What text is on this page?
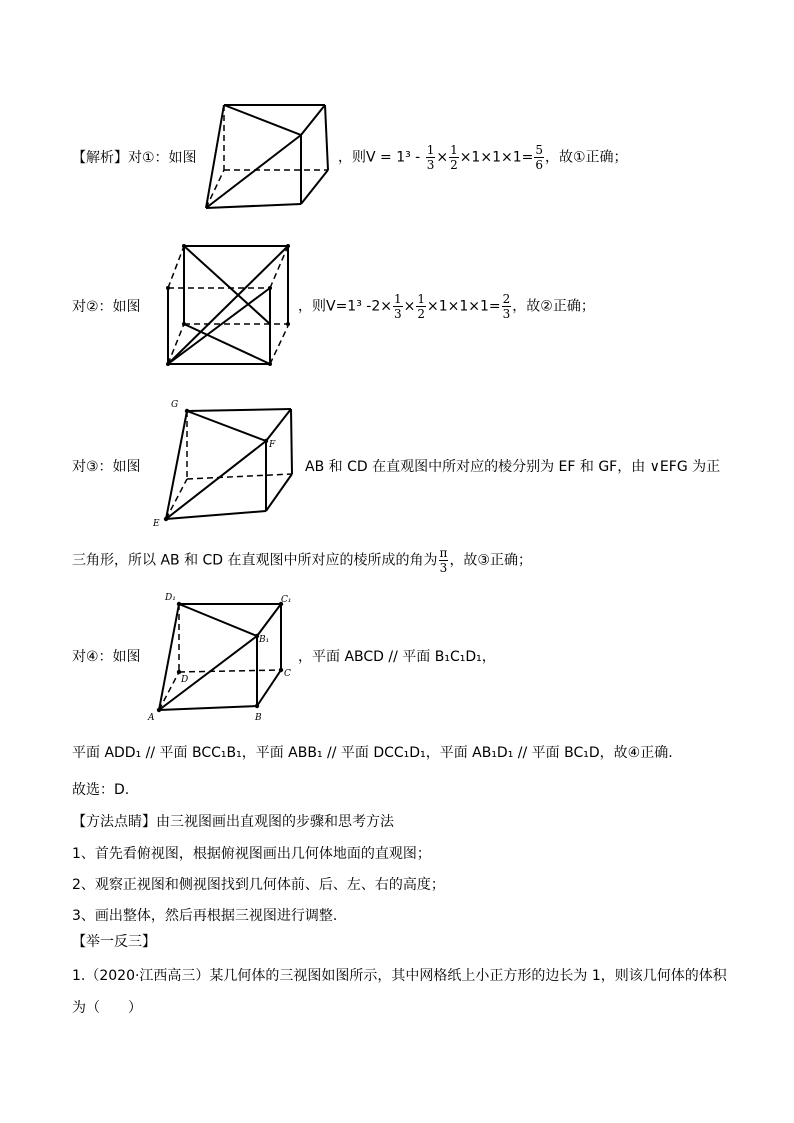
【解析】对①：如图	，则$V = 1^3 - \frac{1}{3} \times \frac{1}{2} \times 1\times 1\times 1= \frac{5}{6}$ ，故①正确；
对②：如图	，则V=1³ $-2\times \frac{1}{3} \times \frac{1}{2} \times 1\times 1\times 1= \frac{2}{3}$ ，故②正确；
对③：如图
G
F
E
AB 和 CD 在直观图中所对应的棱分别为 EF 和 GF，由 ∨EFG 为正
三角形，所以 AB 和 CD 在直观图中所对应的棱所成的角为 $\frac{\pi}{3}$ ，故③正确；
对④：如图
D₁	C₁
B₁
D
C
A	B
，平面 ABCD // 平面 B₁C₁D₁，
平面 ADD₁ // 平面 BCC₁B₁，平面 ABB₁ // 平面 DCC₁D₁，平面 AB₁D₁ // 平面 BC₁D，故④正确.
故选：D.
【方法点睛】由三视图画出直观图的步骤和思考方法
1、首先看俯视图，根据俯视图画出几何体地面的直观图；
2、观察正视图和侧视图找到几何体前、后、左、右的高度；
3、画出整体，然后再根据三视图进行调整.
【举一反三】
1.（2020·江西高三）某几何体的三视图如图所示，其中网格纸上小正方形的边长为 1，则该几何体的体积
为（　　）
